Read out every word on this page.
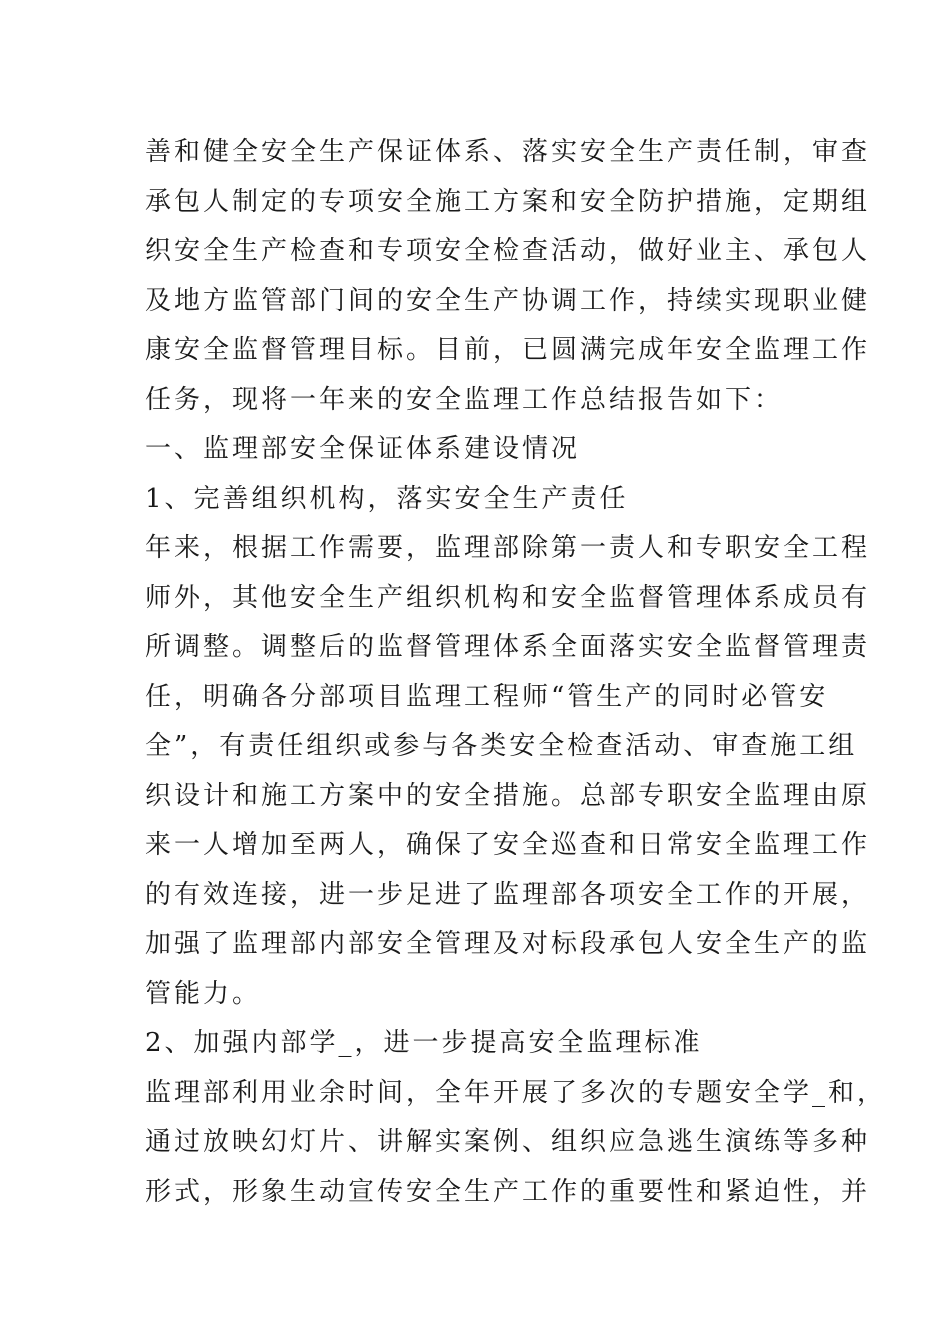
善和健全安全生产保证体系、落实安全生产责任制，审查
承包人制定的专项安全施工方案和安全防护措施，定期组
织安全生产检查和专项安全检查活动，做好业主、承包人
及地方监管部门间的安全生产协调工作，持续实现职业健
康安全监督管理目标。目前，已圆满完成年安全监理工作
任务，现将一年来的安全监理工作总结报告如下：
一、监理部安全保证体系建设情况
1、完善组织机构，落实安全生产责任
年来，根据工作需要，监理部除第一责人和专职安全工程
师外，其他安全生产组织机构和安全监督管理体系成员有
所调整。调整后的监督管理体系全面落实安全监督管理责
任，明确各分部项目监理工程师“管生产的同时必管安
全”，有责任组织或参与各类安全检查活动、审查施工组
织设计和施工方案中的安全措施。总部专职安全监理由原
来一人增加至两人，确保了安全巡查和日常安全监理工作
的有效连接，进一步足进了监理部各项安全工作的开展，
加强了监理部内部安全管理及对标段承包人安全生产的监
管能力。
2、加强内部学_，进一步提高安全监理标准
监理部利用业余时间，全年开展了多次的专题安全学_和，
通过放映幻灯片、讲解实案例、组织应急逃生演练等多种
形式，形象生动宣传安全生产工作的重要性和紧迫性，并
